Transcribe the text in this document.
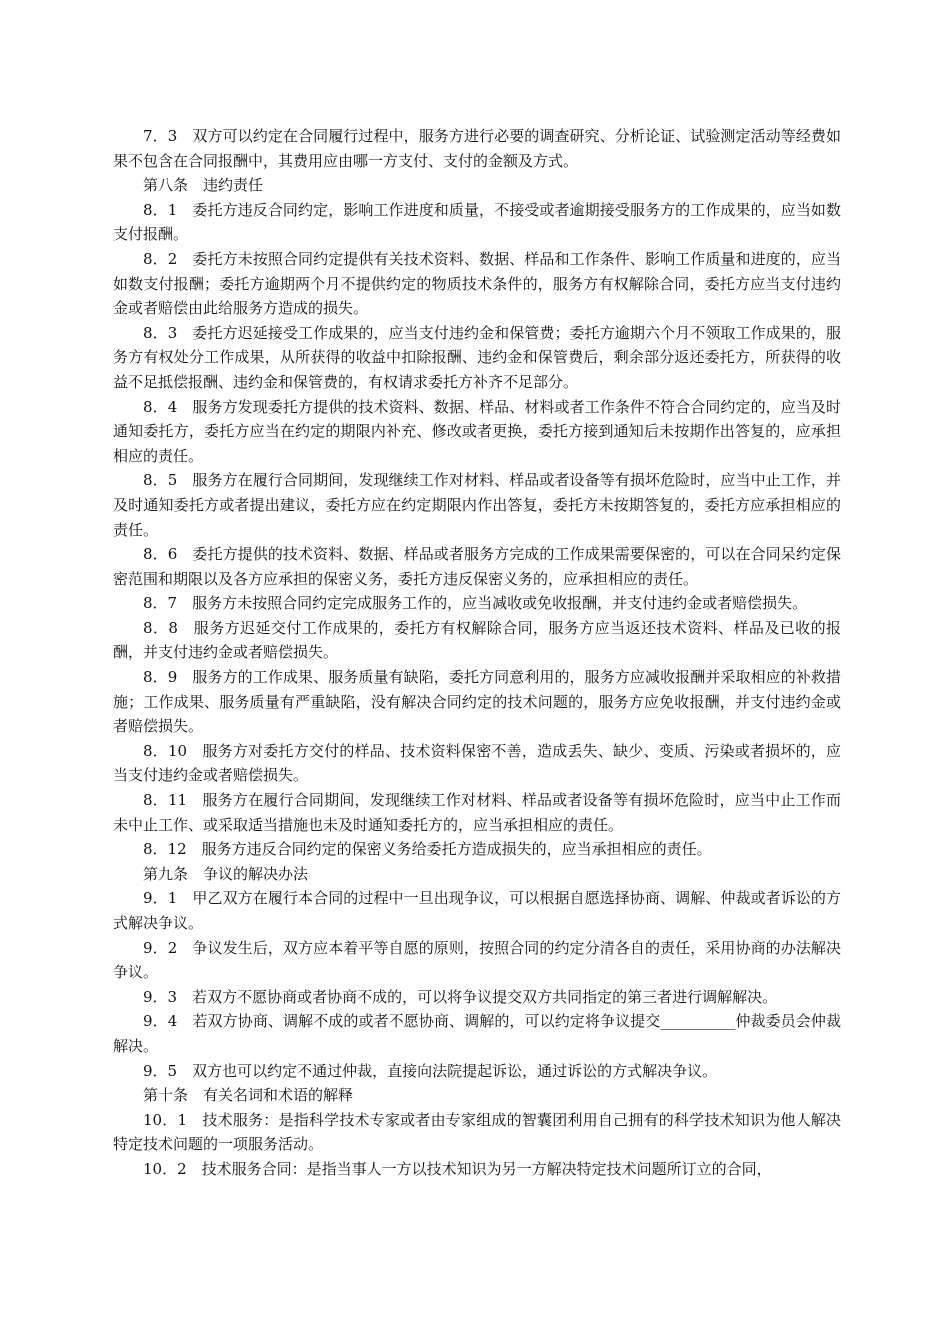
7．3　双方可以约定在合同履行过程中，服务方进行必要的调查研究、分析论证、试验测定活动等经费如果不包含在合同报酬中，其费用应由哪一方支付、支付的金额及方式。

第八条　违约责任

8．1　委托方违反合同约定，影响工作进度和质量，不接受或者逾期接受服务方的工作成果的，应当如数支付报酬。

8．2　委托方未按照合同约定提供有关技术资料、数据、样品和工作条件、影响工作质量和进度的，应当如数支付报酬；委托方逾期两个月不提供约定的物质技术条件的，服务方有权解除合同，委托方应当支付违约金或者赔偿由此给服务方造成的损失。

8．3　委托方迟延接受工作成果的，应当支付违约金和保管费；委托方逾期六个月不领取工作成果的，服务方有权处分工作成果，从所获得的收益中扣除报酬、违约金和保管费后，剩余部分返还委托方，所获得的收益不足抵偿报酬、违约金和保管费的，有权请求委托方补齐不足部分。

8．4　服务方发现委托方提供的技术资料、数据、样品、材料或者工作条件不符合合同约定的，应当及时通知委托方，委托方应当在约定的期限内补充、修改或者更换，委托方接到通知后未按期作出答复的，应承担相应的责任。

8．5　服务方在履行合同期间，发现继续工作对材料、样品或者设备等有损坏危险时，应当中止工作，并及时通知委托方或者提出建议，委托方应在约定期限内作出答复，委托方未按期答复的，委托方应承担相应的责任。

8．6　委托方提供的技术资料、数据、样品或者服务方完成的工作成果需要保密的，可以在合同呆约定保密范围和期限以及各方应承担的保密义务，委托方违反保密义务的，应承担相应的责任。

8．7　服务方未按照合同约定完成服务工作的，应当减收或免收报酬，并支付违约金或者赔偿损失。

8．8　服务方迟延交付工作成果的，委托方有权解除合同，服务方应当返还技术资料、样品及已收的报酬，并支付违约金或者赔偿损失。

8．9　服务方的工作成果、服务质量有缺陷，委托方同意利用的，服务方应减收报酬并采取相应的补救措施；工作成果、服务质量有严重缺陷，没有解决合同约定的技术问题的，服务方应免收报酬，并支付违约金或者赔偿损失。

8．10　服务方对委托方交付的样品、技术资料保密不善，造成丢失、缺少、变质、污染或者损坏的，应当支付违约金或者赔偿损失。

8．11　服务方在履行合同期间，发现继续工作对材料、样品或者设备等有损坏危险时，应当中止工作而未中止工作、或采取适当措施也未及时通知委托方的，应当承担相应的责任。

8．12　服务方违反合同约定的保密义务给委托方造成损失的，应当承担相应的责任。

第九条　争议的解决办法

9．1　甲乙双方在履行本合同的过程中一旦出现争议，可以根据自愿选择协商、调解、仲裁或者诉讼的方式解决争议。

9．2　争议发生后，双方应本着平等自愿的原则，按照合同的约定分清各自的责任，采用协商的办法解决争议。

9．3　若双方不愿协商或者协商不成的，可以将争议提交双方共同指定的第三者进行调解解决。

9．4　若双方协商、调解不成的或者不愿协商、调解的，可以约定将争议提交__________仲裁委员会仲裁解决。

9．5　双方也可以约定不通过仲裁，直接向法院提起诉讼，通过诉讼的方式解决争议。

第十条　有关名词和术语的解释

10．1　技术服务：是指科学技术专家或者由专家组成的智囊团利用自己拥有的科学技术知识为他人解决特定技术问题的一项服务活动。

10．2　技术服务合同：是指当事人一方以技术知识为另一方解决特定技术问题所订立的合同，
